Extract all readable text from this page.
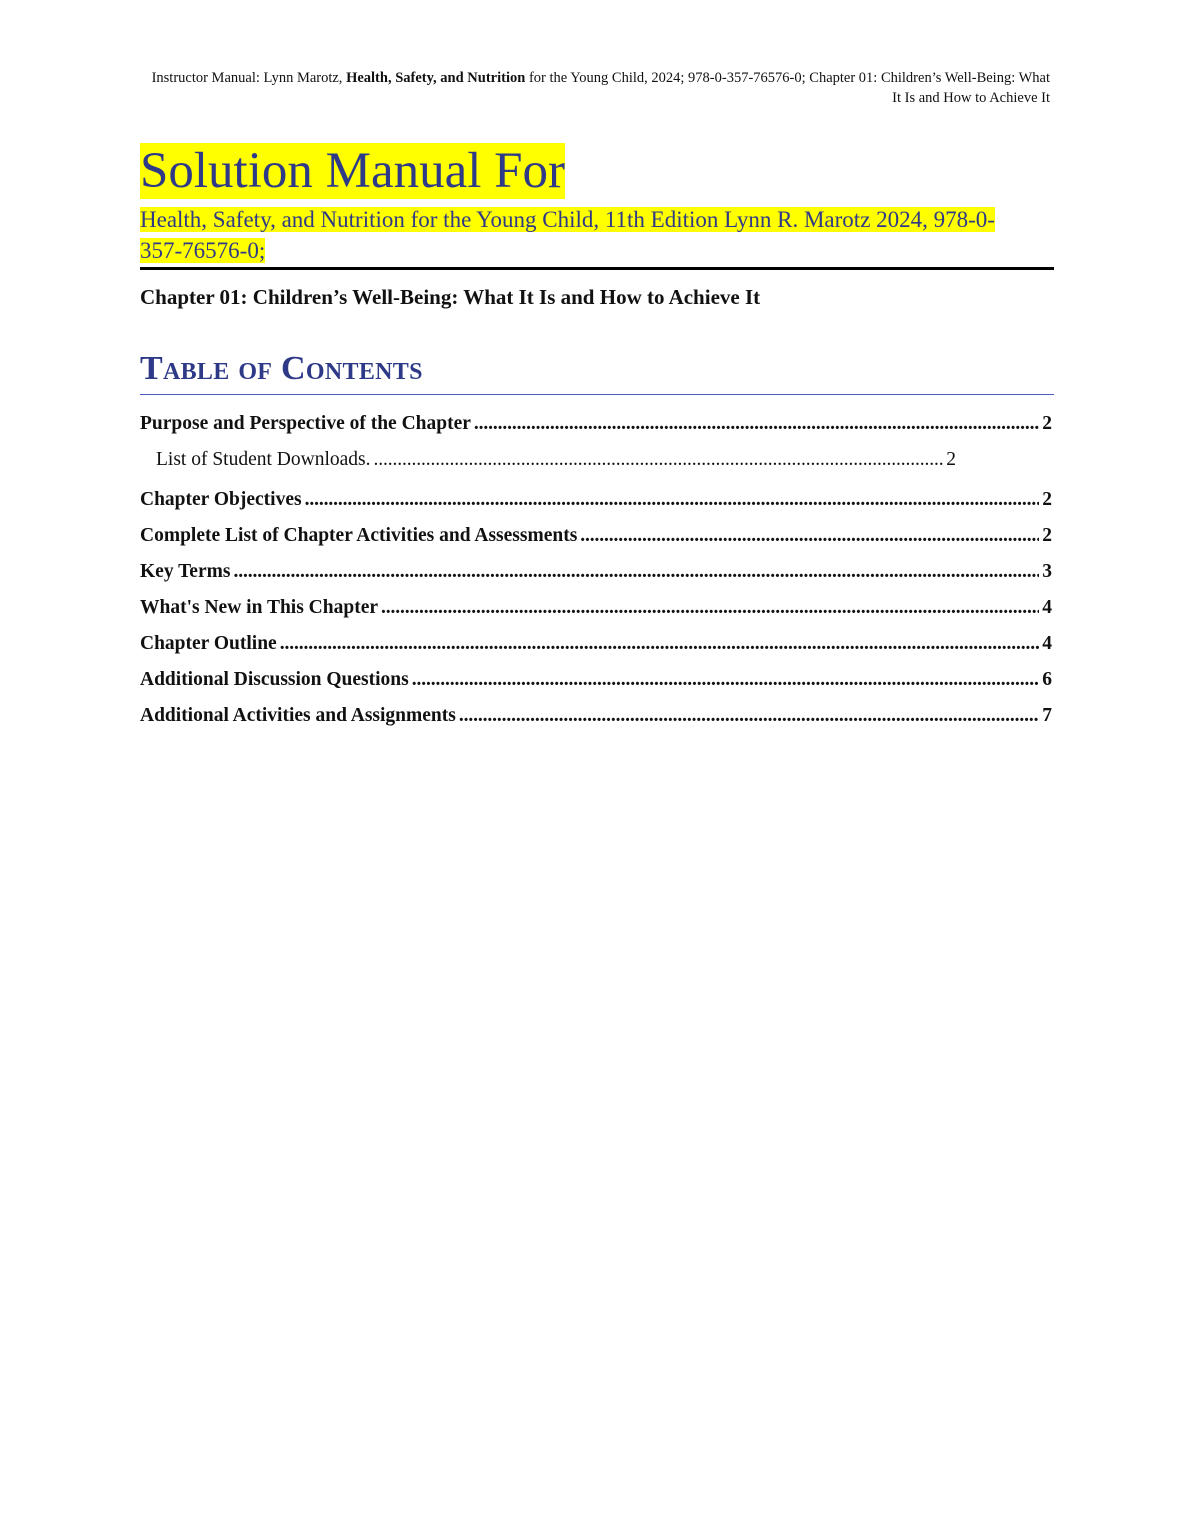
Instructor Manual: Lynn Marotz, Health, Safety, and Nutrition for the Young Child, 2024; 978-0-357-76576-0; Chapter 01: Children’s Well-Being: What It Is and How to Achieve It
Solution Manual For
Health, Safety, and Nutrition for the Young Child, 11th Edition Lynn R. Marotz 2024, 978-0-357-76576-0;
Chapter 01: Children’s Well-Being: What It Is and How to Achieve It
Table of Contents
Purpose and Perspective of the Chapter . . .	2
List of Student Downloads. . . .	2
Chapter Objectives . . .	2
Complete List of Chapter Activities and Assessments . . .	2
Key Terms . . .	3
What's New in This Chapter . . .	4
Chapter Outline . . .	4
Additional Discussion Questions . . .	6
Additional Activities and Assignments . . .	7
